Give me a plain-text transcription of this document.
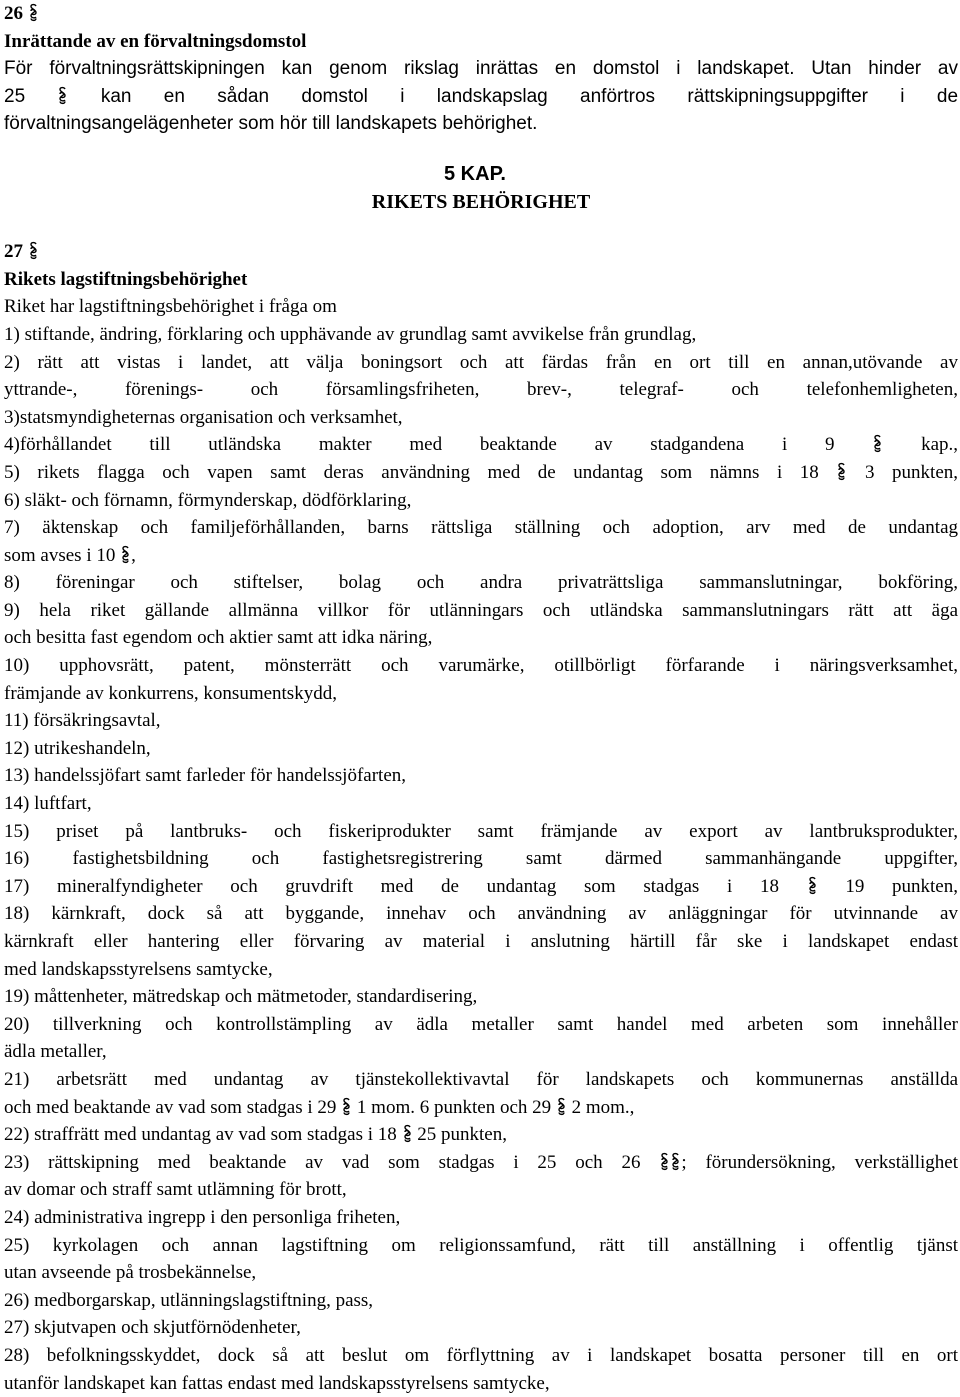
26
Inrättande av en förvaltningsdomstol
För förvaltningsrättskipningen kan genom rikslag inrättas en domstol i landskapet. Utan hinder av
25	kan en sådan domstol i landskapslag anförtros rättskipningsuppgifter i de
förvaltningsangelägenheter som hör till landskapets behörighet.
5 KAP.
RIKETS BEHÖRIGHET
27
Rikets lagstiftningsbehörighet
Riket har lagstiftningsbehörighet i fråga om
1) stiftande, ändring, förklaring och upphävande av grundlag samt avvikelse från grundlag,
2) rätt att vistas i landet, att välja boningsort och att färdas från en ort till en annan,utövande av
yttrande-, förenings- och församlingsfriheten, brev-, telegraf- och telefonhemligheten,
3)statsmyndigheternas organisation och verksamhet,
4)förhållandet till utländska makter med beaktande av stadgandena i 9	kap.,
5) rikets flagga och vapen samt deras användning med de undantag som nämns i 18 3 punkten,
6) släkt- och förnamn, förmynderskap, dödförklaring,
7) äktenskap och familjeförhållanden, barns rättsliga ställning och adoption, arv med de undantag
som avses i 10 ,
8) föreningar och stiftelser, bolag och andra privaträttsliga sammanslutningar, bokföring,
9) hela riket gällande allmänna villkor för utlänningars och utländska sammanslutningars rätt att äga
och besitta fast egendom och aktier samt att idka näring,
10) upphovsrätt, patent, mönsterrätt och varumärke, otillbörligt förfarande i näringsverksamhet,
främjande av konkurrens, konsumentskydd,
11) försäkringsavtal,
12) utrikeshandeln,
13) handelssjöfart samt farleder för handelssjöfarten,
14) luftfart,
15) priset på lantbruks- och fiskeriprodukter samt främjande av export av lantbruksprodukter,
16) fastighetsbildning och fastighetsregistrering samt därmed sammanhängande uppgifter,
17) mineralfyndigheter och gruvdrift med de undantag som stadgas i 18	19 punkten,
18) kärnkraft, dock så att byggande, innehav och användning av anläggningar för utvinnande av
kärnkraft eller hantering eller förvaring av material i anslutning härtill får ske i landskapet endast
med landskapsstyrelsens samtycke,
19) måttenheter, mätredskap och mätmetoder, standardisering,
20) tillverkning och kontrollstämpling av ädla metaller samt handel med arbeten som innehåller
ädla metaller,
21) arbetsrätt med undantag av tjänstekollektivavtal för landskapets och kommunernas anställda
och med beaktande av vad som stadgas i 29 1 mom. 6 punkten och 29 2 mom.,
22) straffrätt med undantag av vad som stadgas i 18 25 punkten,
23) rättskipning med beaktande av vad som stadgas i 25 och 26 ; förundersökning, verkställighet
av domar och straff samt utlämning för brott,
24) administrativa ingrepp i den personliga friheten,
25) kyrkolagen och annan lagstiftning om religionssamfund, rätt till anställning i offentlig tjänst
utan avseende på trosbekännelse,
26) medborgarskap, utlänningslagstiftning, pass,
27) skjutvapen och skjutförnödenheter,
28) befolkningsskyddet, dock så att beslut om förflyttning av i landskapet bosatta personer till en ort
utanför landskapet kan fattas endast med landskapsstyrelsens samtycke,
